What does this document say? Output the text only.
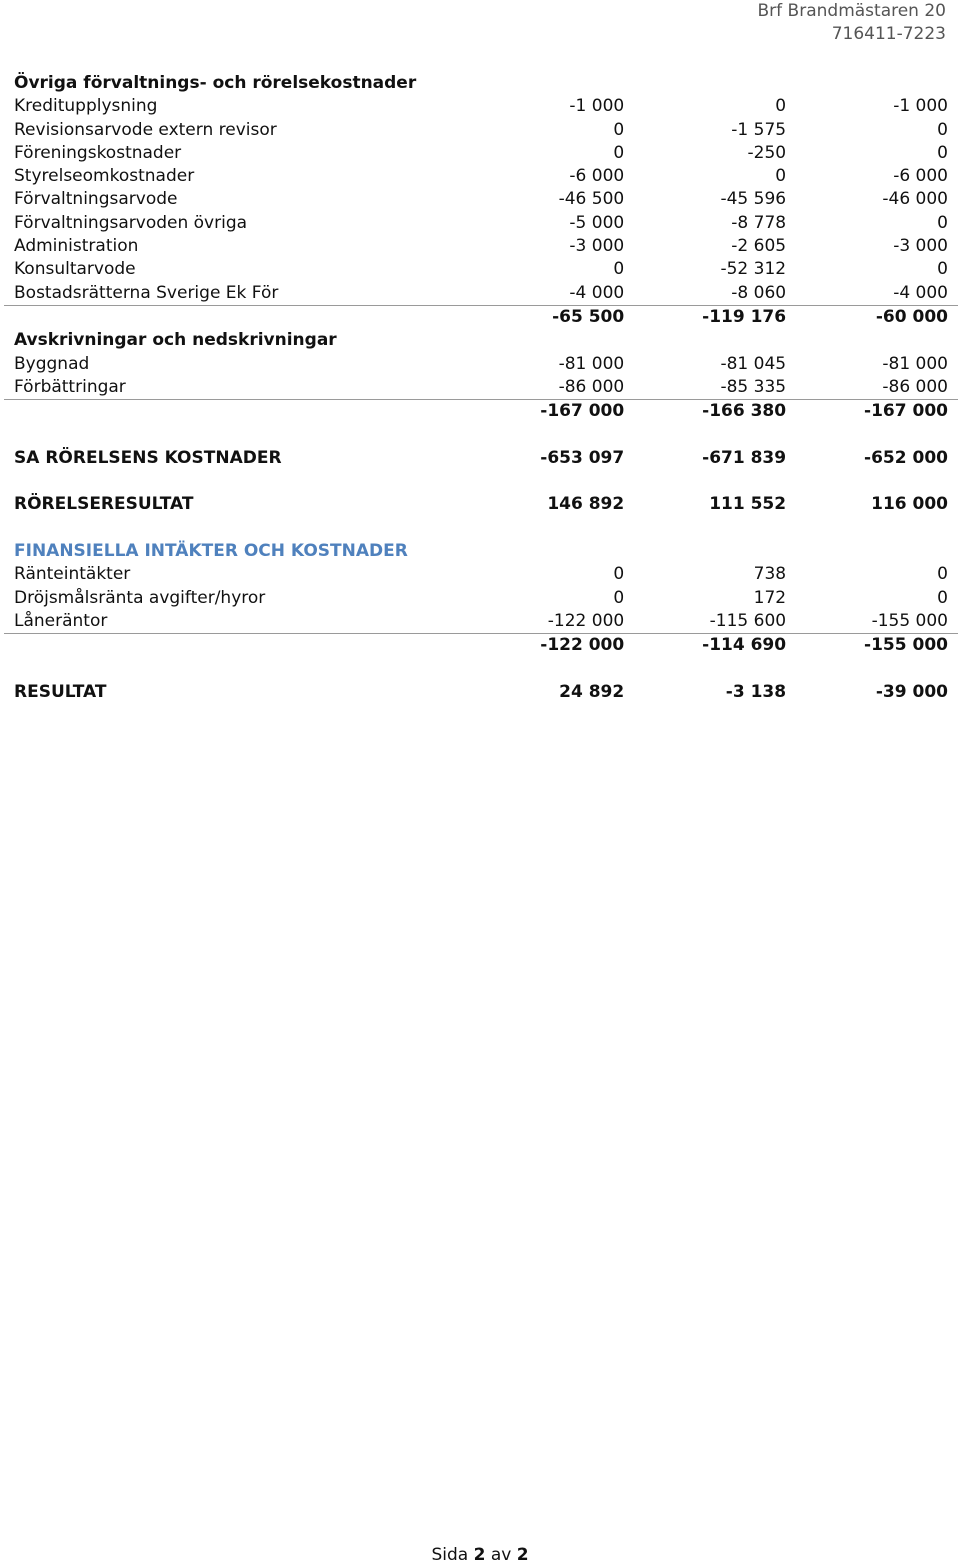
Brf Brandmästaren 20
716411-7223
Övriga förvaltnings- och rörelsekostnader			
Kreditupplysning	-1 000	0	-1 000
Revisionsarvode extern revisor	0	-1 575	0
Föreningskostnader	0	-250	0
Styrelseomkostnader	-6 000	0	-6 000
Förvaltningsarvode	-46 500	-45 596	-46 000
Förvaltningsarvoden övriga	-5 000	-8 778	0
Administration	-3 000	-2 605	-3 000
Konsultarvode	0	-52 312	0
Bostadsrätterna Sverige Ek För	-4 000	-8 060	-4 000
	-65 500	-119 176	-60 000
Avskrivningar och nedskrivningar			
Byggnad	-81 000	-81 045	-81 000
Förbättringar	-86 000	-85 335	-86 000
	-167 000	-166 380	-167 000

SA RÖRELSENS KOSTNADER	-653 097	-671 839	-652 000

RÖRELSERESULTAT	146 892	111 552	116 000

FINANSIELLA INTÄKTER OCH KOSTNADER			
Ränteintäkter	0	738	0
Dröjsmålsränta avgifter/hyror	0	172	0
Låneräntor	-122 000	-115 600	-155 000
	-122 000	-114 690	-155 000

RESULTAT	24 892	-3 138	-39 000
Sida 2 av 2
